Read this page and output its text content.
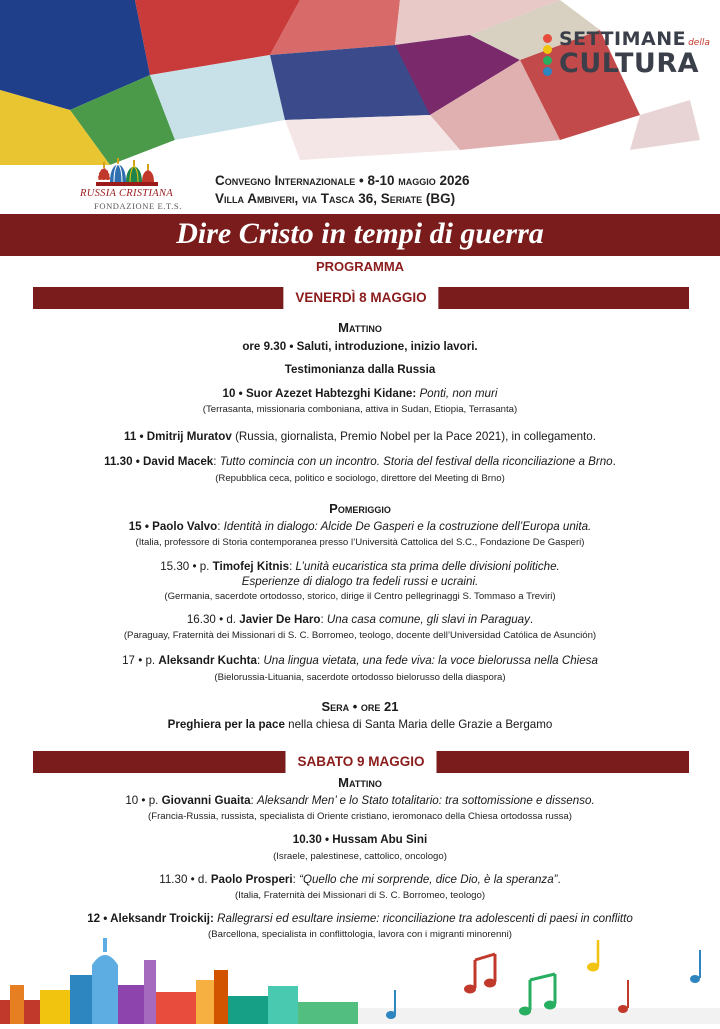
SETTIMANE della
CULTURA
RUSSIA CRISTIANA
FONDAZIONE E.T.S.
Convegno Internazionale • 8-10 maggio 2026
Villa Ambiveri, via Tasca 36, Seriate (BG)
Dire Cristo in tempi di guerra
PROGRAMMA
VENERDÌ 8 MAGGIO
Mattino
ore 9.30 • Saluti, introduzione, inizio lavori.
Testimonianza dalla Russia
10 • Suor Azezet Habtezghi Kidane: Ponti, non muri
(Terrasanta, missionaria comboniana, attiva in Sudan, Etiopia, Terrasanta)
11 • Dmitrij Muratov (Russia, giornalista, Premio Nobel per la Pace 2021), in collegamento.
11.30 • David Macek: Tutto comincia con un incontro. Storia del festival della riconciliazione a Brno.
(Repubblica ceca, politico e sociologo, direttore del Meeting di Brno)
Pomeriggio
15 • Paolo Valvo: Identità in dialogo: Alcide De Gasperi e la costruzione dell’Europa unita.
(Italia, professore di Storia contemporanea presso l’Università Cattolica del S.C., Fondazione De Gasperi)
15.30 • p. Timofej Kitnis: L’unità eucaristica sta prima delle divisioni politiche.
Esperienze di dialogo tra fedeli russi e ucraini.
(Germania, sacerdote ortodosso, storico, dirige il Centro pellegrinaggi S. Tommaso a Treviri)
16.30 • d. Javier De Haro: Una casa comune, gli slavi in Paraguay.
(Paraguay, Fraternità dei Missionari di S. C. Borromeo, teologo, docente dell’Universidad Católica de Asunción)
17 • p. Aleksandr Kuchta: Una lingua vietata, una fede viva: la voce bielorussa nella Chiesa
(Bielorussia-Lituania, sacerdote ortodosso bielorusso della diaspora)
Sera • ore 21
Preghiera per la pace nella chiesa di Santa Maria delle Grazie a Bergamo
SABATO 9 MAGGIO
Mattino
10 • p. Giovanni Guaita: Aleksandr Men’ e lo Stato totalitario: tra sottomissione e dissenso.
(Francia-Russia, russista, specialista di Oriente cristiano, ieromonaco della Chiesa ortodossa russa)
10.30 • Hussam Abu Sini
(Israele, palestinese, cattolico, oncologo)
11.30 • d. Paolo Prosperi: “Quello che mi sorprende, dice Dio, è la speranza”.
(Italia, Fraternità dei Missionari di S. C. Borromeo, teologo)
12 • Aleksandr Troickij: Rallegrarsi ed esultare insieme: riconciliazione tra adolescenti di paesi in conflitto
(Barcellona, specialista in conflittologia, lavora con i migranti minorenni)
